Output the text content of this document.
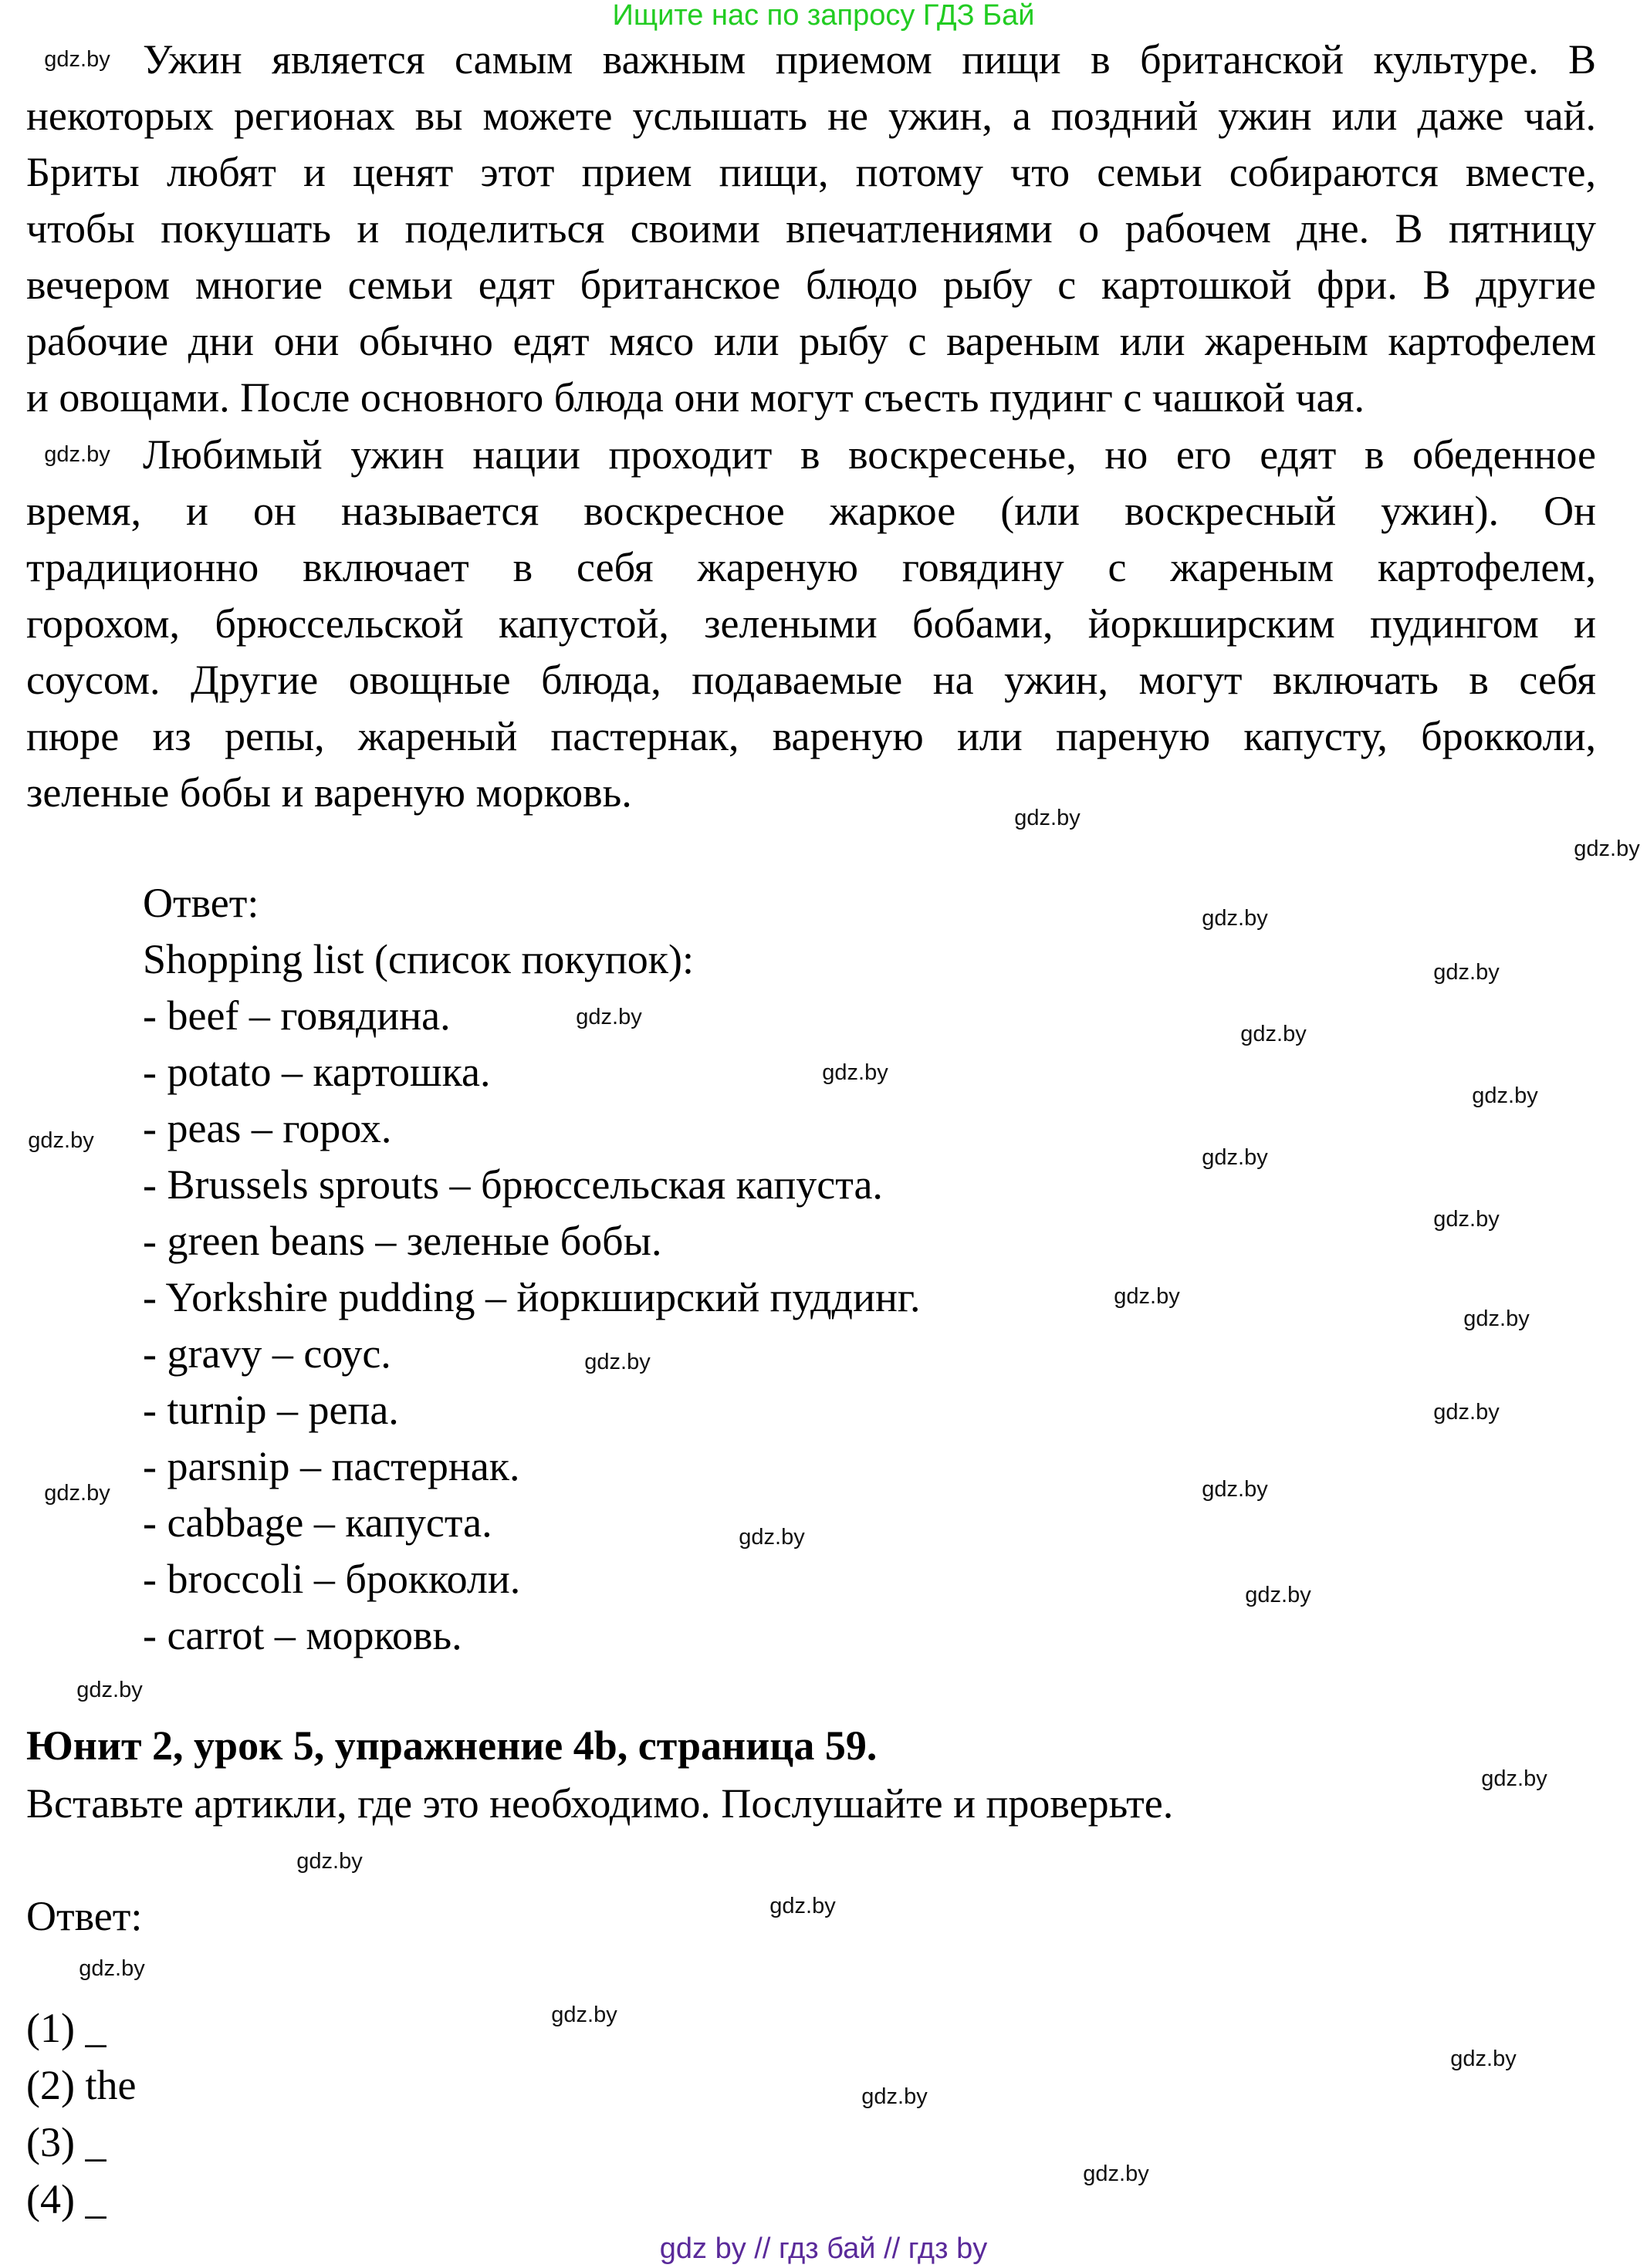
Ищите нас по запросу ГДЗ Бай
Ужин является самым важным приемом пищи в британской культуре. В
некоторых регионах вы можете услышать не ужин, а поздний ужин или даже чай.
Бриты любят и ценят этот прием пищи, потому что семьи собираются вместе,
чтобы покушать и поделиться своими впечатлениями о рабочем дне. В пятницу
вечером многие семьи едят британское блюдо рыбу с картошкой фри. В другие
рабочие дни они обычно едят мясо или рыбу с вареным или жареным картофелем
и овощами. После основного блюда они могут съесть пудинг с чашкой чая.
Любимый ужин нации проходит в воскресенье, но его едят в обеденное
время, и он называется воскресное жаркое (или воскресный ужин). Он
традиционно включает в себя жареную говядину с жареным картофелем,
горохом, брюссельской капустой, зелеными бобами, йоркширским пудингом и
соусом. Другие овощные блюда, подаваемые на ужин, могут включать в себя
пюре из репы, жареный пастернак, вареную или пареную капусту, брокколи,
зеленые бобы и вареную морковь.
Ответ:
Shopping list (список покупок):
- beef – говядина.
- potato – картошка.
- peas – горох.
- Brussels sprouts – брюссельская капуста.
- green beans – зеленые бобы.
- Yorkshire pudding – йоркширский пуддинг.
- gravy – соус.
- turnip – репа.
- parsnip – пастернак.
- cabbage – капуста.
- broccoli – брокколи.
- carrot – морковь.
Юнит 2, урок 5, упражнение 4b, страница 59.
Вставьте артикли, где это необходимо. Послушайте и проверьте.
Ответ:
(1) _
(2) the
(3) _
(4) _
gdz.by
gdz.by
gdz.by
gdz.by
gdz.by
gdz.by
gdz.by
gdz.by
gdz.by
gdz.by
gdz.by
gdz.by
gdz.by
gdz.by
gdz.by
gdz.by
gdz.by
gdz.by
gdz.by
gdz.by
gdz.by
gdz.by
gdz.by
gdz.by
gdz.by
gdz.by
gdz.by
gdz.by
gdz.by
gdz.by
gdz by // гдз бай // гдз by
